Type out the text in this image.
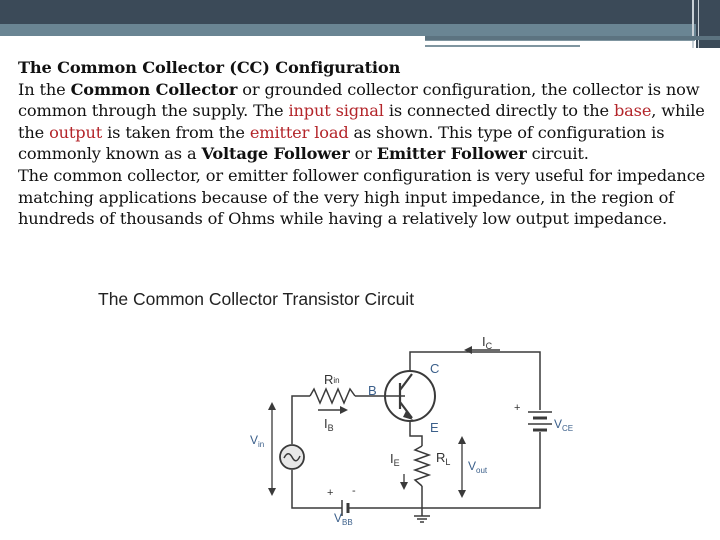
The Common Collector (CC) Configuration
In the Common Collector or grounded collector configuration, the collector is now common through the supply. The input signal is connected directly to the base, while the output is taken from the emitter load as shown. This type of configuration is commonly known as a Voltage Follower or Emitter Follower circuit.

The common collector, or emitter follower configuration is very useful for impedance matching applications because of the very high input impedance, in the region of hundreds of thousands of Ohms while having a relatively low output impedance.

The Common Collector Transistor Circuit
$I_C$
C
B
E
Rin
$I_B$
$V_{in}$
$I_E$	$R_L$ $V_{out}$
$V_{CE}$
$V_{BB}$
+
+ -
